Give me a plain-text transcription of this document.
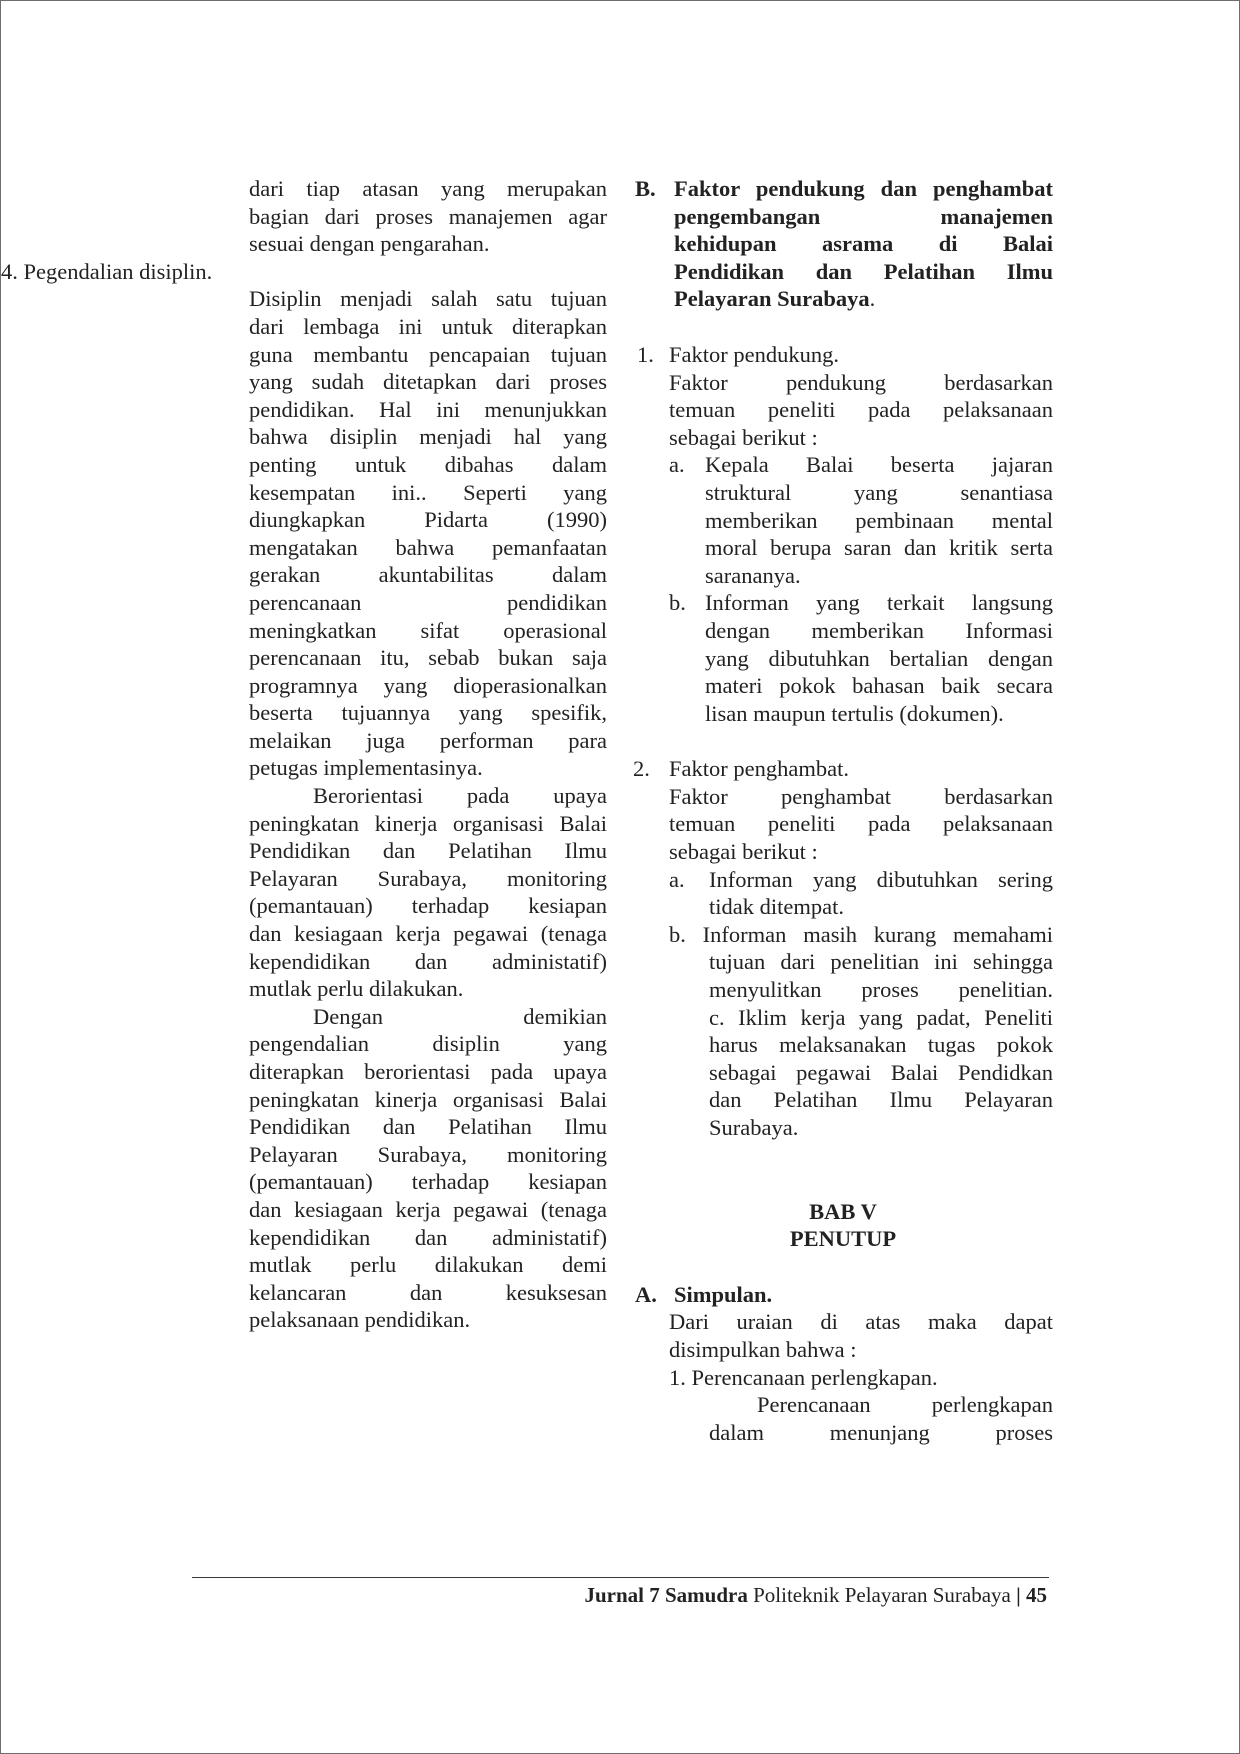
dari tiap atasan yang merupakan

bagian dari proses manajemen agar

sesuai dengan pengarahan.

4. Pegendalian disiplin.

Disiplin menjadi salah satu tujuan

dari lembaga ini untuk diterapkan

guna membantu pencapaian tujuan

yang sudah ditetapkan dari proses

pendidikan. Hal ini menunjukkan

bahwa disiplin menjadi hal yang

penting untuk dibahas dalam

kesempatan ini.. Seperti yang

diungkapkan Pidarta (1990)

mengatakan bahwa pemanfaatan

gerakan akuntabilitas dalam

perencanaan pendidikan

meningkatkan sifat operasional

perencanaan itu, sebab bukan saja

programnya yang dioperasionalkan

beserta tujuannya yang spesifik,

melaikan juga performan para

petugas implementasinya.

Berorientasi pada upaya

peningkatan kinerja organisasi Balai

Pendidikan dan Pelatihan Ilmu

Pelayaran Surabaya, monitoring

(pemantauan) terhadap kesiapan

dan kesiagaan kerja pegawai (tenaga

kependidikan dan administatif)

mutlak perlu dilakukan.

Dengan demikian

pengendalian disiplin yang

diterapkan berorientasi pada upaya

peningkatan kinerja organisasi Balai

Pendidikan dan Pelatihan Ilmu

Pelayaran Surabaya, monitoring

(pemantauan) terhadap kesiapan

dan kesiagaan kerja pegawai (tenaga

kependidikan dan administatif)

mutlak perlu dilakukan demi

kelancaran dan kesuksesan

pelaksanaan pendidikan.

B. Faktor pendukung dan penghambat

pengembangan manajemen

kehidupan asrama di Balai

Pendidikan dan Pelatihan Ilmu

Pelayaran Surabaya.

1. Faktor pendukung.

Faktor pendukung berdasarkan

temuan peneliti pada pelaksanaan

sebagai berikut :

a. Kepala Balai beserta jajaran

struktural yang senantiasa

memberikan pembinaan mental

moral berupa saran dan kritik serta

sarananya.

b. Informan yang terkait langsung

dengan memberikan Informasi

yang dibutuhkan bertalian dengan

materi pokok bahasan baik secara

lisan maupun tertulis (dokumen).

2. Faktor penghambat.

Faktor penghambat berdasarkan

temuan peneliti pada pelaksanaan

sebagai berikut :

a. Informan yang dibutuhkan sering

tidak ditempat.

b. Informan masih kurang memahami

tujuan dari penelitian ini sehingga

menyulitkan proses penelitian.

c. Iklim kerja yang padat, Peneliti

harus melaksanakan tugas pokok

sebagai pegawai Balai Pendidkan

dan Pelatihan Ilmu Pelayaran

Surabaya.

BAB V

PENUTUP

A. Simpulan.

Dari uraian di atas maka dapat

disimpulkan bahwa :

1. Perencanaan perlengkapan.

Perencanaan perlengkapan

dalam menunjang proses

Jurnal 7 Samudra Politeknik Pelayaran Surabaya | 45
